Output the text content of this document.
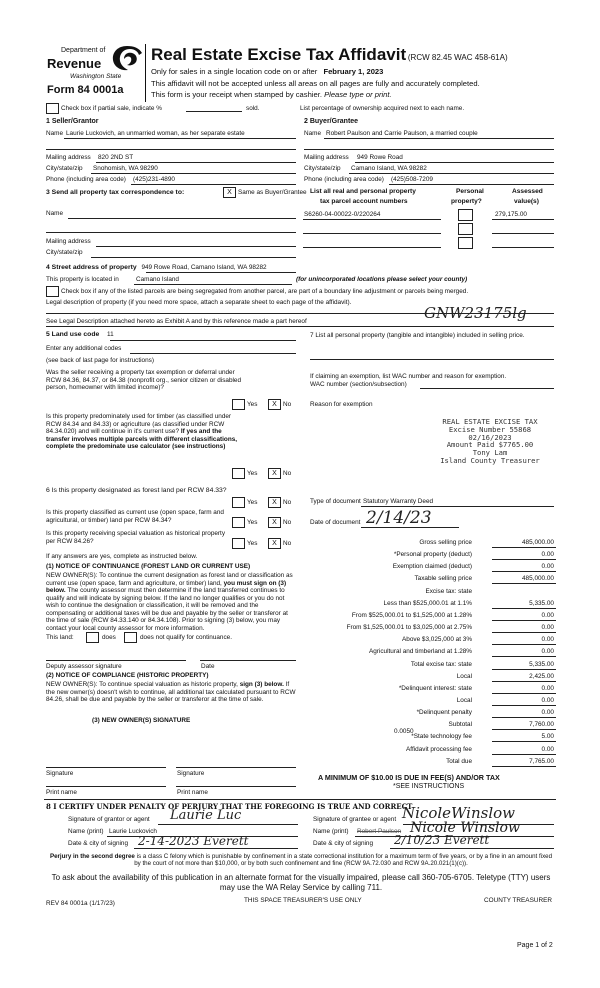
Department of
Revenue
Washington State
Form 84 0001a
Real Estate Excise Tax Affidavit (RCW 82.45 WAC 458-61A)
Only for sales in a single location code on or after February 1, 2023
This affidavit will not be accepted unless all areas on all pages are fully and accurately completed.
This form is your receipt when stamped by cashier. Please type or print.
Check box if partial sale, indicate %	sold.	List percentage of ownership acquired next to each name.
1 Seller/Grantor
Name Laurie Luckovich, an unmarried woman, as her separate estate
Mailing address 820 2ND ST
City/state/zip Snohomish, WA 98290
Phone (including area code) (425)231-4890
2 Buyer/Grantee
Name Robert Paulson and Carrie Paulson, a married couple
Mailing address 949 Rowe Road
City/state/zip Camano Island, WA 98282
Phone (including area code) (425)508-7209
3 Send all property tax correspondence to:	X Same as Buyer/Grantee
Name
Mailing address
City/state/zip
List all real and personal property
tax parcel account numbers
Personal
property?
Assessed
value(s)
S6260-04-00022-0/220264	279,175.00
4 Street address of property 949 Rowe Road, Camano Island, WA 98282
This property is located in	Camano Island	(for unincorporated locations please select your county)
Check box if any of the listed parcels are being segregated from another parcel, are part of a boundary line adjustment or parcels being merged.
Legal description of property (if you need more space, attach a separate sheet to each page of the affidavit).
See Legal Description attached hereto as Exhibit A and by this reference made a part hereof	GNW23175lg
5 Land use code 11
Enter any additional codes
(see back of last page for instructions)
Was the seller receiving a property tax exemption or deferral under RCW 84.36, 84.37, or 84.38 (nonprofit org., senior citizen or disabled person, homeowner with limited income)?
Yes	X No
Is this property predominately used for timber (as classified under RCW 84.34 and 84.33) or agriculture (as classified under RCW 84.34.020) and will continue in it's current use? If yes and the transfer involves multiple parcels with different classifications, complete the predominate use calculator (see instructions)
Yes	X No
7 List all personal property (tangible and intangible) included in selling price.
If claiming an exemption, list WAC number and reason for exemption.
WAC number (section/subsection)
Reason for exemption
REAL ESTATE EXCISE TAX
Excise Number 55868
02/16/2023
Amount Paid $7765.00
Tony Lam
Island County Treasurer
6 Is this property designated as forest land per RCW 84.33?
Yes	X No
Is this property classified as current use (open space, farm and agricultural, or timber) land per RCW 84.34?	Yes	X No
Is this property receiving special valuation as historical property per RCW 84.26?	Yes	X No
If any answers are yes, complete as instructed below.
(1) NOTICE OF CONTINUANCE (FOREST LAND OR CURRENT USE)
NEW OWNER(S): To continue the current designation as forest land or classification as current use (open space, farm and agriculture, or timber) land, you must sign on (3) below. The county assessor must then determine if the land transferred continues to qualify and will indicate by signing below. If the land no longer qualifies or you do not wish to continue the designation or classification, it will be removed and the compensating or additional taxes will be due and payable by the seller or transferor at the time of sale (RCW 84.33.140 or 84.34.108). Prior to signing (3) below, you may contact your local county assessor for more information.
This land:	does	does not qualify for continuance.
Deputy assessor signature	Date
(2) NOTICE OF COMPLIANCE (HISTORIC PROPERTY)
NEW OWNER(S): To continue special valuation as historic property, sign (3) below. If the new owner(s) doesn't wish to continue, all additional tax calculated pursuant to RCW 84.26, shall be due and payable by the seller or transferor at the time of sale.
(3) NEW OWNER(S) SIGNATURE
Signature	Signature
Print name	Print name
Type of document Statutory Warranty Deed
Date of document 2/14/23
Gross selling price	485,000.00
*Personal property (deduct)	0.00
Exemption claimed (deduct)	0.00
Taxable selling price	485,000.00
Excise tax: state
Less than $525,000.01 at 1.1%	5,335.00
From $525,000.01 to $1,525,000 at 1.28%	0.00
From $1,525,000.01 to $3,025,000 at 2.75%	0.00
Above $3,025,000 at 3%	0.00
Agricultural and timberland at 1.28%	0.00
Total excise tax: state	5,335.00
Local	2,425.00
*Delinquent interest: state	0.00
Local	0.00
*Delinquent penalty	0.00
Subtotal	7,760.00
*State technology fee	5.00
Affidavit processing fee	0.00
Total due	7,765.00
0.0050
A MINIMUM OF $10.00 IS DUE IN FEE(S) AND/OR TAX
*SEE INSTRUCTIONS
8 I CERTIFY UNDER PENALTY OF PERJURY THAT THE FOREGOING IS TRUE AND CORRECT
Signature of grantor or agent Laurie Luc
Name (print) Laurie Luckovich
Date & city of signing 2-14-2023 Everett
Signature of grantee or agent NicoleWinslow
Name (print) Robert Paulson Nicole Winslow
Date & city of signing 2/10/23 Everett
Perjury in the second degree is a class C felony which is punishable by confinement in a state correctional institution for a maximum term of five years, or by a fine in an amount fixed by the court of not more than $10,000, or by both such confinement and fine (RCW 9A.72.030 and RCW 9A.20.021(1)(c)).
To ask about the availability of this publication in an alternate format for the visually impaired, please call 360-705-6705. Teletype (TTY) users may use the WA Relay Service by calling 711.
REV 84 0001a (1/17/23)	THIS SPACE TREASURER'S USE ONLY	COUNTY TREASURER
Page 1 of 2
